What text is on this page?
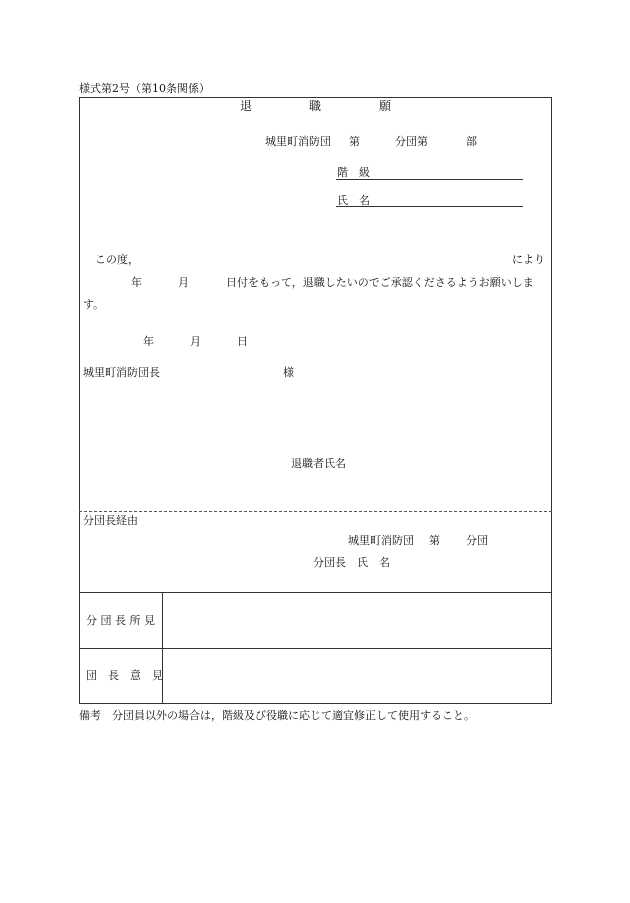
様式第2号（第10条関係）
退	職	願
城里町消防団 第	分団第	部
階　級
氏　名
この度，	により
年	月	日付をもって，退職したいのでご承認くださるようお願いしま
す。
年	月	日
城里町消防団長	様
退職者氏名
分団長経由
城里町消防団 第 分団
分団長　氏　名
分 団 長 所 見
団　長　意　見
備考　分団員以外の場合は，階級及び役職に応じて適宜修正して使用すること。
